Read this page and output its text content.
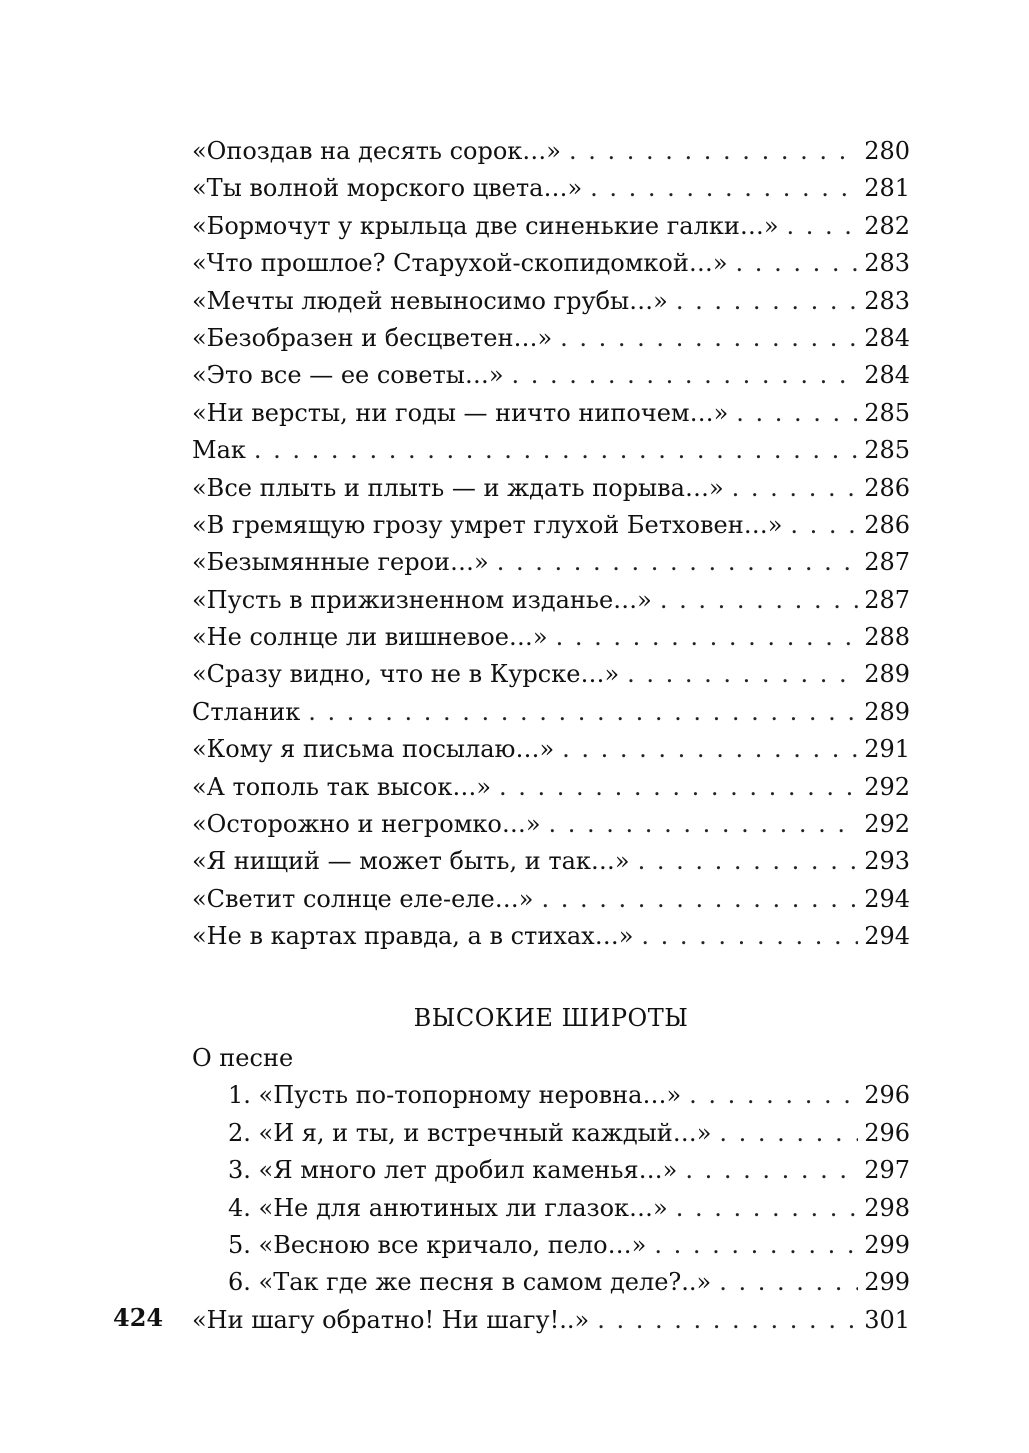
«Опоздав на десять сорок…» . . .	280
«Ты волной морского цвета…» . . .	281
«Бормочут у крыльца две синенькие галки…» . . .	282
«Что прошлое? Старухой-скопидомкой…» . . .	283
«Мечты людей невыносимо грубы…» . . .	283
«Безобразен и бесцветен…» . . .	284
«Это все — ее советы…» . . .	284
«Ни версты, ни годы — ничто нипочем…» . . .	285
Мак . . .	285
«Все плыть и плыть — и ждать порыва…» . . .	286
«В гремящую грозу умрет глухой Бетховен…» . . .	286
«Безымянные герои…» . . .	287
«Пусть в прижизненном изданье…» . . .	287
«Не солнце ли вишневое…» . . .	288
«Сразу видно, что не в Курске…» . . .	289
Стланик . . .	289
«Кому я письма посылаю…» . . .	291
«А тополь так высок…» . . .	292
«Осторожно и негромко…» . . .	292
«Я нищий — может быть, и так…» . . .	293
«Светит солнце еле-еле…» . . .	294
«Не в картах правда, а в стихах…» . . .	294
ВЫСОКИЕ ШИРОТЫ
О песне
1. «Пусть по-топорному неровна…» . . .	296
2. «И я, и ты, и встречный каждый…» . . .	296
3. «Я много лет дробил каменья…» . . .	297
4. «Не для анютиных ли глазок…» . . .	298
5. «Весною все кричало, пело…» . . .	299
6. «Так где же песня в самом деле?..» . . .	299
«Ни шагу обратно! Ни шагу!..» . . .	301
424
